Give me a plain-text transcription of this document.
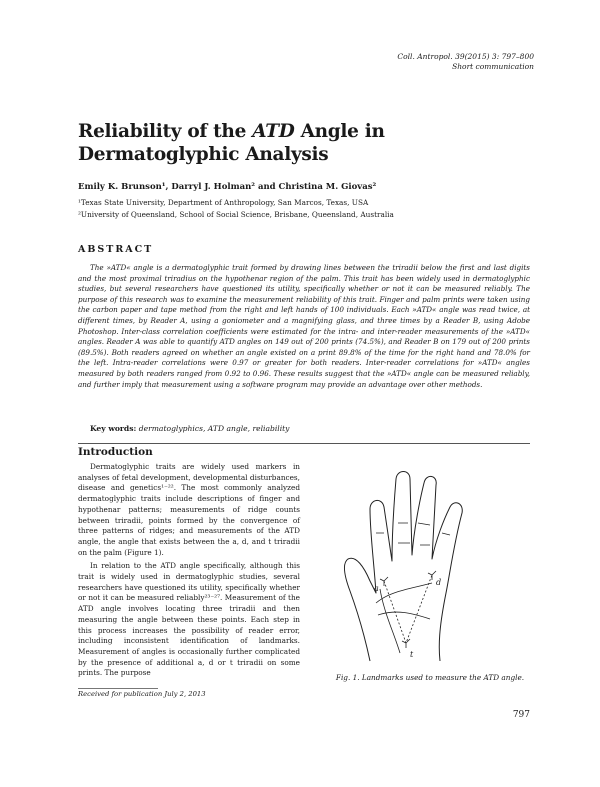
Coll. Antropol. 39(2015) 3: 797–800
Short communication
Reliability of the ATD Angle in Dermatoglyphic Analysis
Emily K. Brunson¹, Darryl J. Holman² and Christina M. Giovas²
¹Texas State University, Department of Anthropology, San Marcos, Texas, USA
²University of Queensland, School of Social Science, Brisbane, Queensland, Australia
ABSTRACT
The »ATD« angle is a dermatoglyphic trait formed by drawing lines between the triradii below the first and last digits and the most proximal triradius on the hypothenar region of the palm. This trait has been widely used in dermatoglyphic studies, but several researchers have questioned its utility, specifically whether or not it can be measured reliably. The purpose of this research was to examine the measurement reliability of this trait. Finger and palm prints were taken using the carbon paper and tape method from the right and left hands of 100 individuals. Each »ATD« angle was read twice, at different times, by Reader A, using a goniometer and a magnifying glass, and three times by a Reader B, using Adobe Photoshop. Inter-class correlation coefficients were estimated for the intra- and inter-reader measurements of the »ATD« angles. Reader A was able to quantify ATD angles on 149 out of 200 prints (74.5%), and Reader B on 179 out of 200 prints (89.5%). Both readers agreed on whether an angle existed on a print 89.8% of the time for the right hand and 78.0% for the left. Intra-reader correlations were 0.97 or greater for both readers. Inter-reader correlations for »ATD« angles measured by both readers ranged from 0.92 to 0.96. These results suggest that the »ATD« angle can be measured reliably, and further imply that measurement using a software program may provide an advantage over other methods.
Key words: dermatoglyphics, ATD angle, reliability
Introduction

Dermatoglyphic traits are widely used markers in analyses of fetal development, developmental disturbances, disease and genetics¹⁻²². The most commonly analyzed dermatoglyphic traits include descriptions of finger and hypothenar patterns; measurements of ridge counts between triradii, points formed by the convergence of three patterns of ridges; and measurements of the ATD angle, the angle that exists between the a, d, and t triradii on the palm (Figure 1).

In relation to the ATD angle specifically, although this trait is widely used in dermatoglyphic studies, several researchers have questioned its utility, specifically whether or not it can be measured reliably²³⁻²⁷. Measurement of the ATD angle involves locating three triradii and then measuring the angle between these points. Each step in this process increases the possibility of reader error, including inconsistent identification of landmarks. Measurement of angles is occasionally further complicated by the presence of additional a, d or t triradii on some prints. The purpose

a
d
t
Fig. 1. Landmarks used to measure the ATD angle.
Received for publication July 2, 2013
797
